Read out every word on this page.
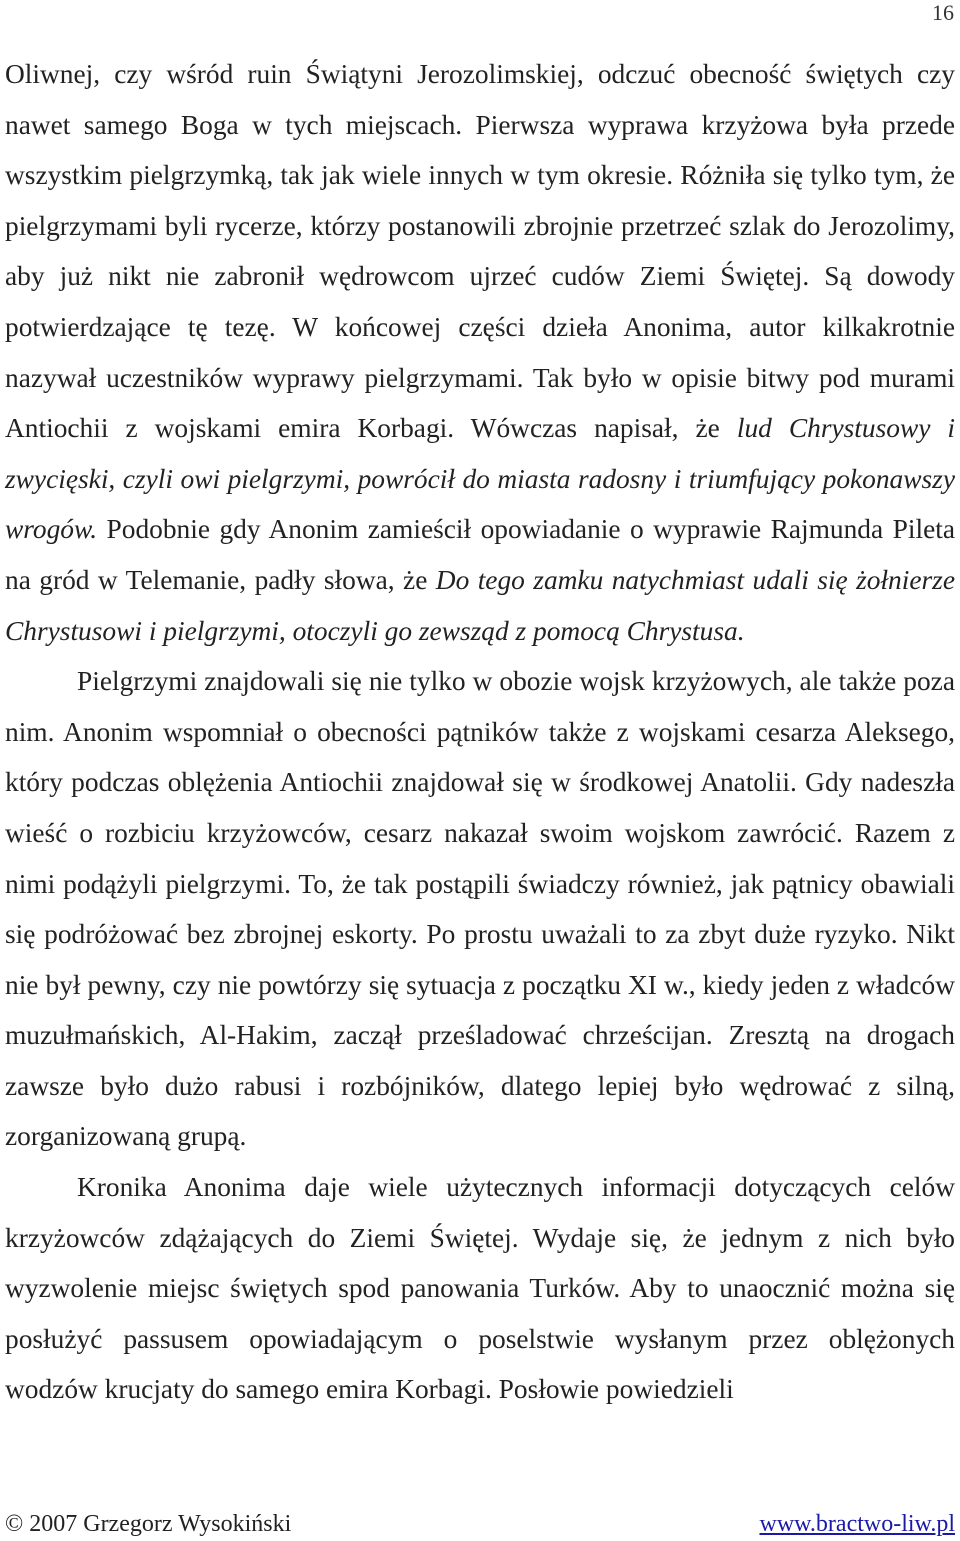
16

Oliwnej, czy wśród ruin Świątyni Jerozolimskiej, odczuć obecność świętych czy nawet samego Boga w tych miejscach. Pierwsza wyprawa krzyżowa była przede wszystkim pielgrzymką, tak jak wiele innych w tym okresie. Różniła się tylko tym, że pielgrzymami byli rycerze, którzy postanowili zbrojnie przetrzeć szlak do Jerozolimy, aby już nikt nie zabronił wędrowcom ujrzeć cudów Ziemi Świętej. Są dowody potwierdzające tę tezę. W końcowej części dzieła Anonima, autor kilkakrotnie nazywał uczestników wyprawy pielgrzymami. Tak było w opisie bitwy pod murami Antiochii z wojskami emira Korbagi. Wówczas napisał, że lud Chrystusowy i zwycięski, czyli owi pielgrzymi, powrócił do miasta radosny i triumfujący pokonawszy wrogów. Podobnie gdy Anonim zamieścił opowiadanie o wyprawie Rajmunda Pileta na gród w Telemanie, padły słowa, że Do tego zamku natychmiast udali się żołnierze Chrystusowi i pielgrzymi, otoczyli go zewsząd z pomocą Chrystusa.

Pielgrzymi znajdowali się nie tylko w obozie wojsk krzyżowych, ale także poza nim. Anonim wspomniał o obecności pątników także z wojskami cesarza Aleksego, który podczas oblężenia Antiochii znajdował się w środkowej Anatolii. Gdy nadeszła wieść o rozbiciu krzyżowców, cesarz nakazał swoim wojskom zawrócić. Razem z nimi podążyli pielgrzymi. To, że tak postąpili świadczy również, jak pątnicy obawiali się podróżować bez zbrojnej eskorty. Po prostu uważali to za zbyt duże ryzyko. Nikt nie był pewny, czy nie powtórzy się sytuacja z początku XI w., kiedy jeden z władców muzułmańskich, Al-Hakim, zaczął prześladować chrześcijan. Zresztą na drogach zawsze było dużo rabusi i rozbójników, dlatego lepiej było wędrować z silną, zorganizowaną grupą.

Kronika Anonima daje wiele użytecznych informacji dotyczących celów krzyżowców zdążających do Ziemi Świętej. Wydaje się, że jednym z nich było wyzwolenie miejsc świętych spod panowania Turków. Aby to unaocznić można się posłużyć passusem opowiadającym o poselstwie wysłanym przez oblężonych wodzów krucjaty do samego emira Korbagi. Posłowie powiedzieli

© 2007 Grzegorz Wysokiński	www.bractwo-liw.pl
